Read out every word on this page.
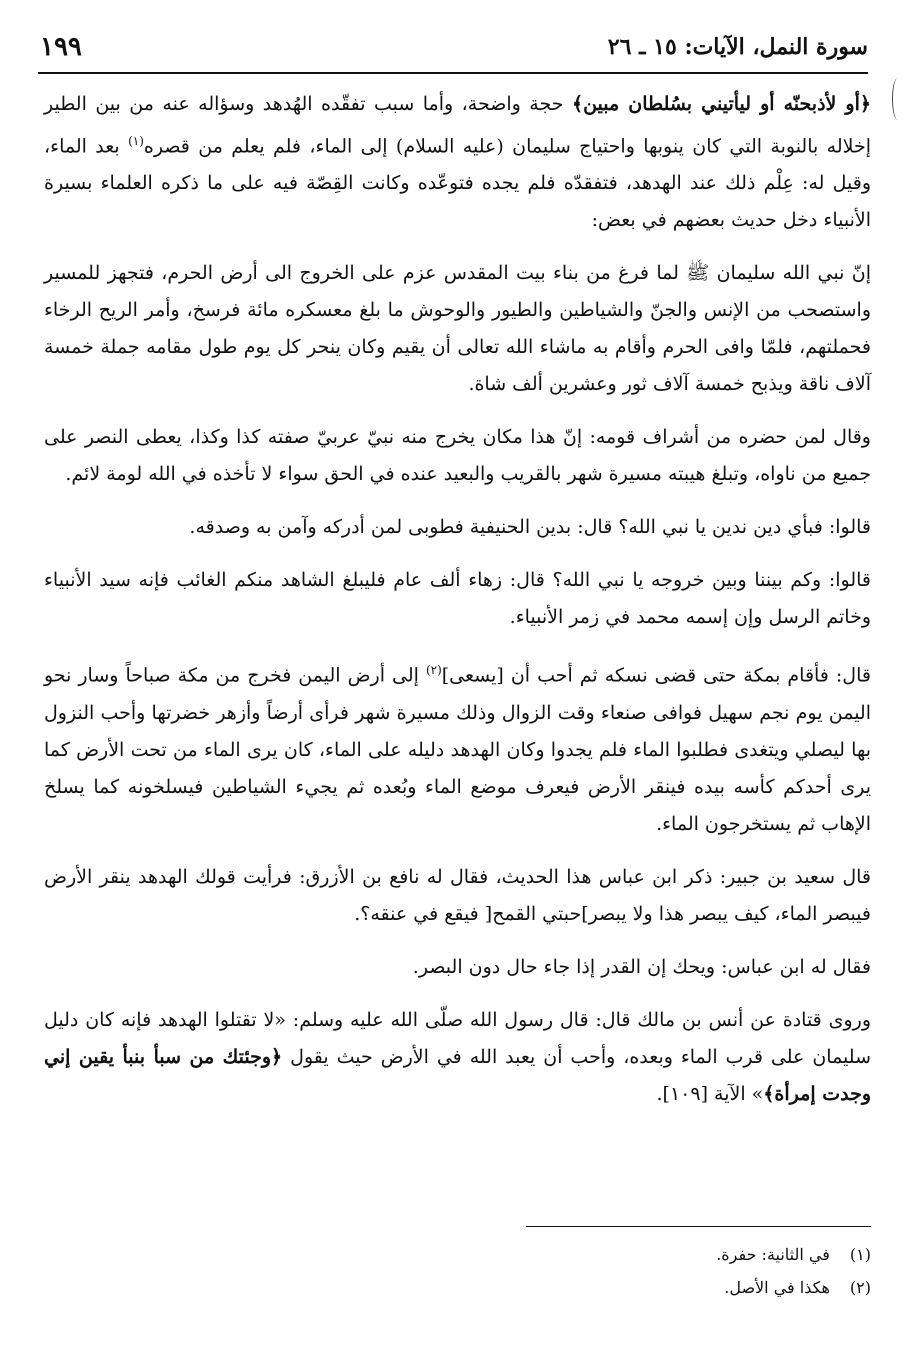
سورة النمل، الآيات: ١٥ ـ ٢٦
١٩٩

﴿أو لأذبحنّه أو ليأتيني بسُلطان مبين﴾ حجة واضحة، وأما سبب تفقّده الهُدهد وسؤاله عنه من بين الطير إخلاله بالنوبة التي كان ينوبها واحتياج سليمان (عليه السلام) إلى الماء، فلم يعلم من قصره$^{(١)}$ بعد الماء، وقيل له: عِلْم ذلك عند الهدهد، فتفقدّه فلم يجده فتوعّده وكانت القِصّة فيه على ما ذكره العلماء بسيرة الأنبياء دخل حديث بعضهم في بعض:

إنّ نبي الله سليمان ﷺ لما فرغ من بناء بيت المقدس عزم على الخروج الى أرض الحرم، فتجهز للمسير واستصحب من الإنس والجنّ والشياطين والطيور والوحوش ما بلغ معسكره مائة فرسخ، وأمر الريح الرخاء فحملتهم، فلمّا وافى الحرم وأقام به ماشاء الله تعالى أن يقيم وكان ينحر كل يوم طول مقامه جملة خمسة آلاف ناقة ويذبح خمسة آلاف ثور وعشرين ألف شاة.

وقال لمن حضره من أشراف قومه: إنّ هذا مكان يخرج منه نبيّ عربيّ صفته كذا وكذا، يعطى النصر على جميع من ناواه، وتبلغ هيبته مسيرة شهر بالقريب والبعيد عنده في الحق سواء لا تأخذه في الله لومة لائم.

قالوا: فبأي دين ندين يا نبي الله؟ قال: بدين الحنيفية فطوبى لمن أدركه وآمن به وصدقه.

قالوا: وكم بيننا وبين خروجه يا نبي الله؟ قال: زهاء ألف عام فليبلغ الشاهد منكم الغائب فإنه سيد الأنبياء وخاتم الرسل وإن إسمه محمد في زمر الأنبياء.

قال: فأقام بمكة حتى قضى نسكه ثم أحب أن [يسعى]$^{(٢)}$ إلى أرض اليمن فخرج من مكة صباحاً وسار نحو اليمن يوم نجم سهيل فوافى صنعاء وقت الزوال وذلك مسيرة شهر فرأى أرضاً وأزهر خضرتها وأحب النزول بها ليصلي ويتغدى فطلبوا الماء فلم يجدوا وكان الهدهد دليله على الماء، كان يرى الماء من تحت الأرض كما يرى أحدكم كأسه بيده فينقر الأرض فيعرف موضع الماء وبُعده ثم يجيء الشياطين فيسلخونه كما يسلخ الإهاب ثم يستخرجون الماء.

قال سعيد بن جبير: ذكر ابن عباس هذا الحديث، فقال له نافع بن الأزرق: فرأيت قولك الهدهد ينقر الأرض فيبصر الماء، كيف يبصر هذا ولا يبصر]حبتي القمح[ فيقع في عنقه؟.

فقال له ابن عباس: ويحك إن القدر إذا جاء حال دون البصر.

وروى قتادة عن أنس بن مالك قال: قال رسول الله صلّى الله عليه وسلم: «لا تقتلوا الهدهد فإنه كان دليل سليمان على قرب الماء وبعده، وأحب أن يعبد الله في الأرض حيث يقول ﴿وجئتك من سبأ بنبأ يقين إني وجدت إمرأة﴾» الآية [١٠٩].

(١) في الثانية: حفرة.

(٢) هكذا في الأصل.
